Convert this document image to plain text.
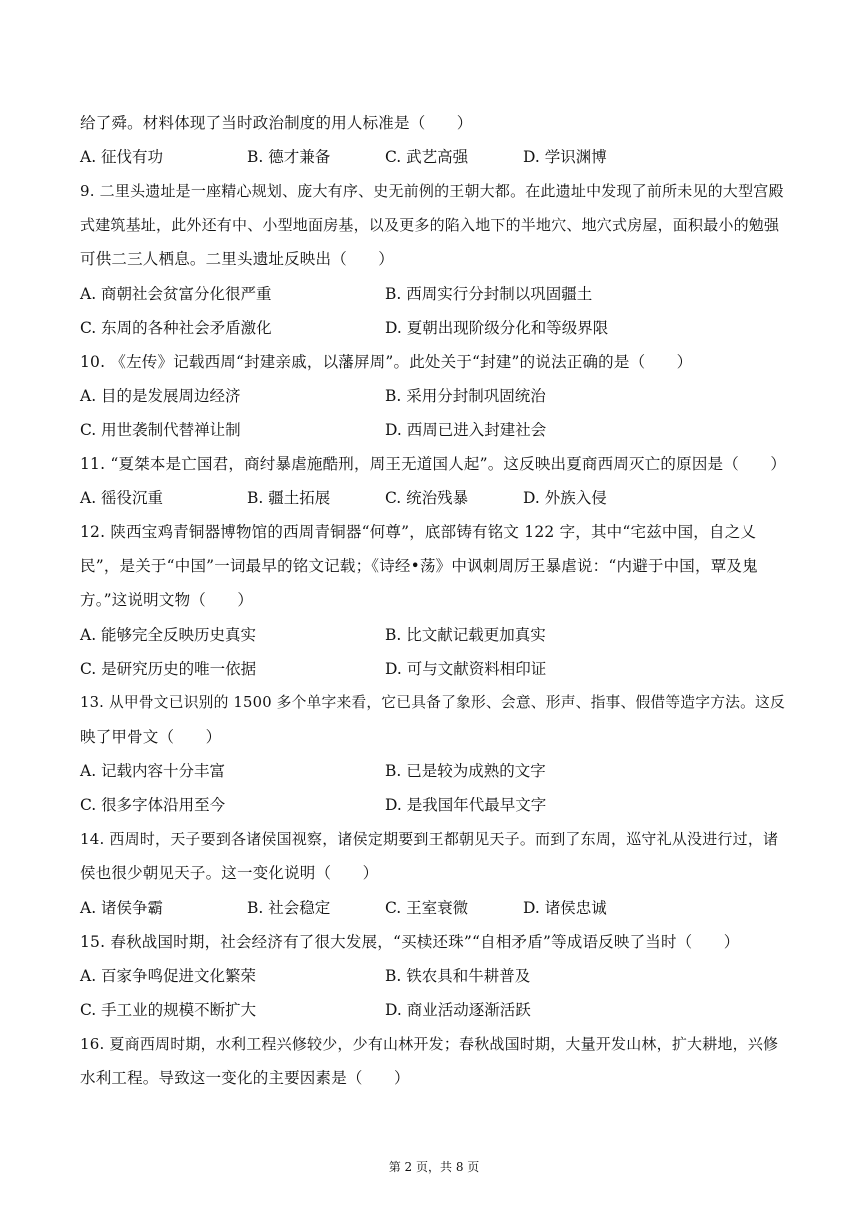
给了舜。材料体现了当时政治制度的用人标准是（　　）
A. 征伐有功	B. 德才兼备	C. 武艺高强	D. 学识渊博
9. 二里头遗址是一座精心规划、庞大有序、史无前例的王朝大都。在此遗址中发现了前所未见的大型宫殿
式建筑基址，此外还有中、小型地面房基，以及更多的陷入地下的半地穴、地穴式房屋，面积最小的勉强
可供二三人栖息。二里头遗址反映出（　　）
A. 商朝社会贫富分化很严重	B. 西周实行分封制以巩固疆土
C. 东周的各种社会矛盾激化	D. 夏朝出现阶级分化和等级界限
10. 《左传》记载西周“封建亲戚，以藩屏周”。此处关于“封建”的说法正确的是（　　）
A. 目的是发展周边经济	B. 采用分封制巩固统治
C. 用世袭制代替禅让制	D. 西周已进入封建社会
11. “夏桀本是亡国君，商纣暴虐施酷刑，周王无道国人起”。这反映出夏商西周灭亡的原因是（　　）
A. 徭役沉重	B. 疆土拓展	C. 统治残暴	D. 外族入侵
12. 陕西宝鸡青铜器博物馆的西周青铜器“何尊”，底部铸有铭文 122 字，其中“宅兹中国，自之乂
民”，是关于“中国”一词最早的铭文记载；《诗经•荡》中讽刺周厉王暴虐说：“内避于中国，覃及鬼
方。”这说明文物（　　）
A. 能够完全反映历史真实	B. 比文献记载更加真实
C. 是研究历史的唯一依据	D. 可与文献资料相印证
13. 从甲骨文已识别的 1500 多个单字来看，它已具备了象形、会意、形声、指事、假借等造字方法。这反
映了甲骨文（　　）
A. 记载内容十分丰富	B. 已是较为成熟的文字
C. 很多字体沿用至今	D. 是我国年代最早文字
14. 西周时，天子要到各诸侯国视察，诸侯定期要到王都朝见天子。而到了东周，巡守礼从没进行过，诸
侯也很少朝见天子。这一变化说明（　　）
A. 诸侯争霸	B. 社会稳定	C. 王室衰微	D. 诸侯忠诚
15. 春秋战国时期，社会经济有了很大发展，“买椟还珠”“自相矛盾”等成语反映了当时（　　）
A. 百家争鸣促进文化繁荣	B. 铁农具和牛耕普及
C. 手工业的规模不断扩大	D. 商业活动逐渐活跃
16. 夏商西周时期，水利工程兴修较少，少有山林开发；春秋战国时期，大量开发山林，扩大耕地，兴修
水利工程。导致这一变化的主要因素是（　　）
第 2 页，共 8 页
